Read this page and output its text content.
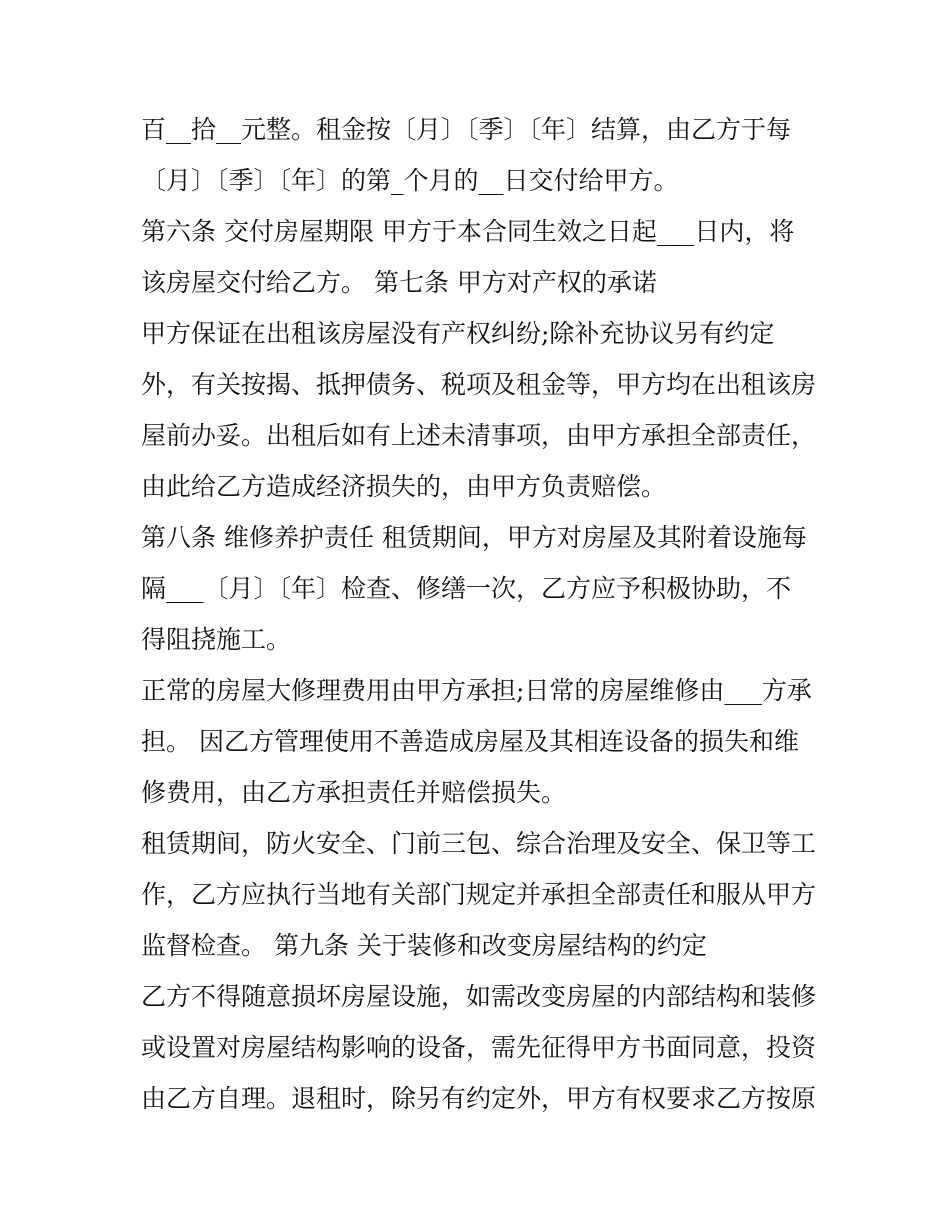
百__拾__元整。租金按〔月〕〔季〕〔年〕结算，由乙方于每
〔月〕〔季〕〔年〕的第_个月的__日交付给甲方。
第六条 交付房屋期限 甲方于本合同生效之日起___日内，将
该房屋交付给乙方。 第七条 甲方对产权的承诺
甲方保证在出租该房屋没有产权纠纷;除补充协议另有约定
外，有关按揭、抵押债务、税项及租金等，甲方均在出租该房
屋前办妥。出租后如有上述未清事项，由甲方承担全部责任，
由此给乙方造成经济损失的，由甲方负责赔偿。
第八条 维修养护责任 租赁期间，甲方对房屋及其附着设施每
隔___〔月〕〔年〕检查、修缮一次，乙方应予积极协助，不
得阻挠施工。
正常的房屋大修理费用由甲方承担;日常的房屋维修由___方承
担。 因乙方管理使用不善造成房屋及其相连设备的损失和维
修费用，由乙方承担责任并赔偿损失。
租赁期间，防火安全、门前三包、综合治理及安全、保卫等工
作，乙方应执行当地有关部门规定并承担全部责任和服从甲方
监督检查。 第九条 关于装修和改变房屋结构的约定
乙方不得随意损坏房屋设施，如需改变房屋的内部结构和装修
或设置对房屋结构影响的设备，需先征得甲方书面同意，投资
由乙方自理。退租时，除另有约定外，甲方有权要求乙方按原
